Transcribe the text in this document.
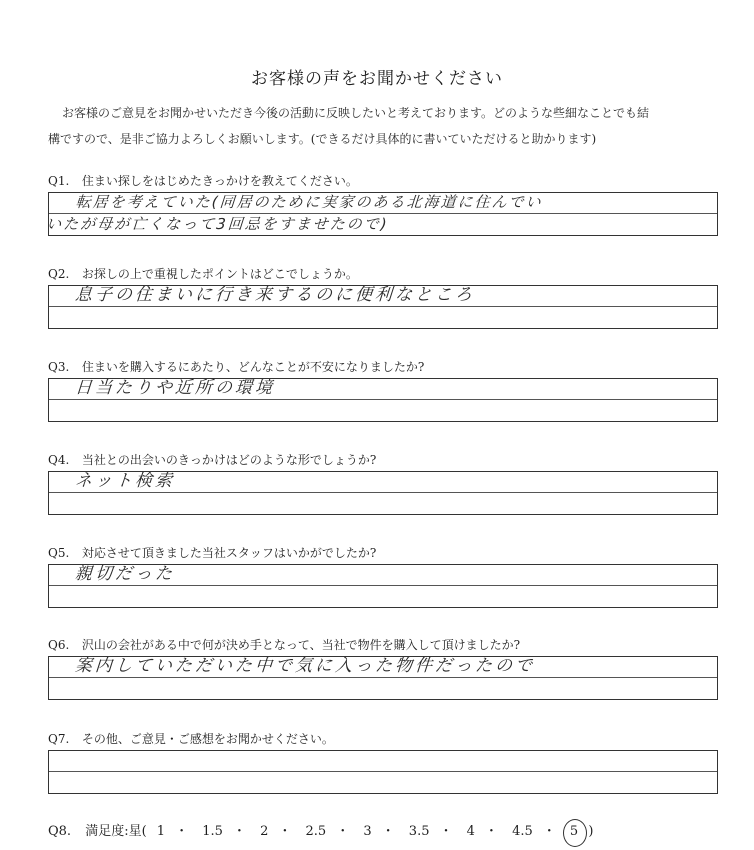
お客様の声をお聞かせください
お客様のご意見をお聞かせいただき今後の活動に反映したいと考えております。どのような些細なことでも結
構ですので、是非ご協力よろしくお願いします。(できるだけ具体的に書いていただけると助かります)
Q1. 住まい探しをはじめたきっかけを教えてください。
転居を考えていた(同居のために実家のある北海道に住んでい
いたが母が亡くなって3回忌をすませたので)
Q2. お探しの上で重視したポイントはどこでしょうか。
息子の住まいに行き来するのに便利なところ
Q3. 住まいを購入するにあたり、どんなことが不安になりましたか?
日当たりや近所の環境
Q4. 当社との出会いのきっかけはどのような形でしょうか?
ネット検索
Q5. 対応させて頂きました当社スタッフはいかがでしたか?
親切だった
Q6. 沢山の会社がある中で何が決め手となって、当社で物件を購入して頂けましたか?
案内していただいた中で気に入った物件だったので
Q7. その他、ご意見・ご感想をお聞かせください。
Q8. 満足度:星( 1 ・ 1.5 ・ 2 ・ 2.5 ・ 3 ・ 3.5 ・ 4 ・ 4.5 ・ 5 )
